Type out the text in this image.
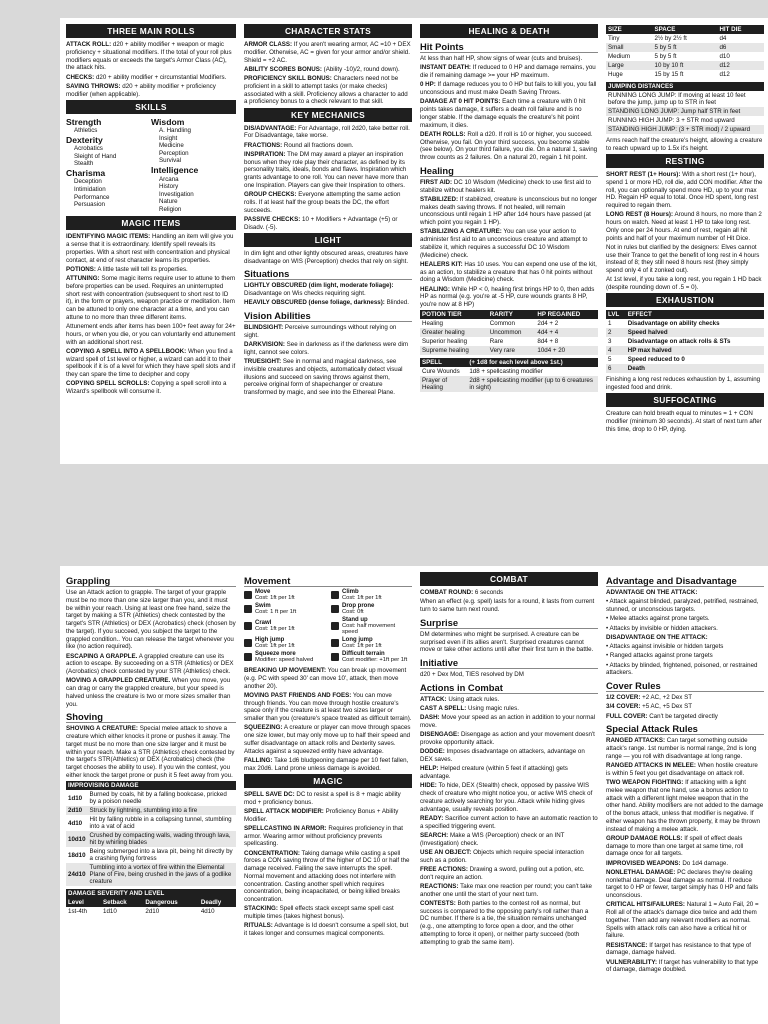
THREE MAIN ROLLS

ATTACK ROLL: d20 + ability modifier + weapon or magic proficiency + situational modifiers. If the total of your roll plus modifiers equals or exceeds the target's Armor Class (AC), the attack hits.

CHECKS: d20 + ability modifier + circumstantial Modifiers.

SAVING THROWS: d20 + ability modifier + proficiency modifier (when applicable).

SKILLS
Strength
Athletics
Dexterity
Acrobatics
Sleight of Hand
Stealth
Charisma
Deception
Intimidation
Performance
Persuasion
Wisdom
A. Handling
Insight
Medicine
Perception
Survival
Intelligence
Arcana
History
Investigation
Nature
Religion
MAGIC ITEMS

IDENTIFYING MAGIC ITEMS: Handling an item will give you a sense that it is extraordinary. Identify spell reveals its properties. With a short rest with concentration and physical contact, at end of rest character learns its properties.

POTIONS: A little taste will tell its properties.

ATTUNING: Some magic items require user to attune to them before properties can be used. Requires an uninterrupted short rest with concentration (subsequent to short rest to ID it), in the form or prayers, weapon practice or meditation. Item can be attuned to only one character at a time, and you can attune to no more than three different items.

Attunement ends after items has been 100+ feet away for 24+ hours, or when you die, or you can voluntarily end attunement with an additional short rest.

COPYING A SPELL INTO A SPELLBOOK: When you find a wizard spell of 1st level or higher, a wizard can add it to their spellbook if it is of a level for which they have spell slots and if they can spare the time to decipher and copy

COPYING SPELL SCROLLS: Copying a spell scroll into a Wizard's spellbook will consume it.

CHARACTER STATS

ARMOR CLASS: If you aren't wearing armor, AC =10 + DEX modifier. Otherwise, AC = given for your armor and/or shield. Shield = +2 AC.

ABILITY SCORES BONUS: (Ability -10)/2, round down).

PROFICIENCY SKILL BONUS: Characters need not be proficient in a skill to attempt tasks (or make checks) associated with a skill. Proficiency allows a character to add a proficiency bonus to a check relevant to that skill.

KEY MECHANICS

DIS/ADVANTAGE: For Advantage, roll 2d20, take better roll. For Disadvantage, take worse.

FRACTIONS: Round all fractions down.

INSPIRATION: The DM may award a player an inspiration bonus when they role play their character, as defined by its personality traits, ideals, bonds and flaws. Inspiration which grants advantage to one roll. You can never have more than one Inspiration. Players can give their Inspiration to others.

GROUP CHECKS: Everyone attempting the same action rolls. If at least half the group beats the DC, the effort succeeds.

PASSIVE CHECKS: 10 + Modifiers + Advantage (+5) or Disadv. (-5).

LIGHT

In dim light and other lightly obscured areas, creatures have disadvantage on WIS (Perception) checks that rely on sight.

Situations

LIGHTLY OBSCURED (dim light, moderate foliage): Disadvantage on Wis checks requiring sight.

HEAVILY OBSCURED (dense foliage, darkness): Blinded.

Vision Abilities

BLINDSIGHT: Perceive surroundings without relying on sight.

DARKVISION: See in darkness as if the darkness were dim light, cannot see colors.

TRUESIGHT: See in normal and magical darkness, see invisible creatures and objects, automatically detect visual illusions and succeed on saving throws against them, perceive original form of shapechanger or creature transformed by magic, and see into the Ethereal Plane.

HEALING & DEATH
Hit Points

At less than half HP, show signs of wear (cuts and bruises).

INSTANT DEATH: If reduced to 0 HP and damage remains, you die if remaining damage >= your HP maximum.

0 HP: If damage reduces you to 0 HP but fails to kill you, you fall unconscious and must make Death Saving Throws.

DAMAGE AT 0 HIT POINTS: Each time a creature with 0 hit points takes damage, it suffers a death roll failure and is no longer stable. If the damage equals the creature's hit point maximum, it dies.

DEATH ROLLS: Roll a d20. If roll is 10 or higher, you succeed. Otherwise, you fail. On your third success, you become stable (see below). On your third failure, you die. On a natural 1, saving throw counts as 2 failures. On a natural 20, regain 1 hit point.

Healing

FIRST AID: DC 10 Wisdom (Medicine) check to use first aid to stabilize without healers kit.

STABILIZED: If stabilized, creature is unconscious but no longer makes death saving throws. If not healed, will remain unconscious until regain 1 HP after 1d4 hours have passed (at which point you regain 1 HP).

STABILIZING A CREATURE: You can use your action to administer first aid to an unconscious creature and attempt to stabilize it, which requires a successful DC 10 Wisdom (Medicine) check.

HEALERS KIT: Has 10 uses. You can expend one use of the kit, as an action, to stabilize a creature that has 0 hit points without doing a Wisdom (Medicine) check.

HEALING: While HP < 0, healing first brings HP to 0, then adds HP as normal (e.g. you're at -5 HP, cure wounds grants 8 HP, you're now at 8 HP)

POTION TIER	RARITY	HP REGAINED
Healing	Common	2d4 + 2
Greater healing	Uncommon	4d4 + 4
Superior healing	Rare	8d4 + 8
Supreme healing	Very rare	10d4 + 20
SPELL	(+ 1d8 for each level above 1st.)
Cure Wounds	1d8 + spellcasting modifier
Prayer of Healing	2d8 + spellcasting modifier (up to 6 creatures in sight)
SIZE	SPACE	HIT DIE
Tiny	2½ by 2½ ft	d4
Small	5 by 5 ft	d6
Medium	5 by 5 ft	d10
Large	10 by 10 ft	d12
Huge	15 by 15 ft	d12
JUMPING DISTANCES
RUNNING LONG JUMP: If moving at least 10 feet before the jump, jump up to STR in feet
STANDING LONG JUMP: Jump half STR in feet
RUNNING HIGH JUMP: 3 + STR mod upward
STANDING HIGH JUMP: (3 + STR mod) / 2 upward

Arms reach half the creature's height, allowing a creature to reach upward up to 1.5x it's height.

RESTING

SHORT REST (1+ Hours): With a short rest (1+ hour), spend 1 or more HD, roll die, add CON modifier. After the roll, you can optionally spend more HD, up to your max HD. Regain HP equal to total. Once HD spent, long rest required to regain them.

LONG REST (8 Hours): Around 8 hours, no more than 2 hours on watch. Need at least 1 HP to take long rest. Only once per 24 hours. At end of rest, regain all hit points and half of your maximum number of Hit Dice.

Not in rules but clarified by the designers: Elves cannot use their Trance to get the benefit of long rest in 4 hours instead of 8; they still need 8 hours rest (they simply spend only 4 of it zonked out).

At 1st level, if you take a long rest, you regain 1 HD back (despite rounding down of .5 = 0).

EXHAUSTION
LVL	EFFECT
1	Disadvantage on ability checks
2	Speed halved
3	Disadvantage on attack rolls & STs
4	HP max halved
5	Speed reduced to 0
6	Death

Finishing a long rest reduces exhaustion by 1, assuming ingested food and drink.

SUFFOCATING

Creature can hold breath equal to minutes = 1 + CON modifier (minimum 30 seconds). At start of next turn after this time, drop to 0 HP, dying.

Grappling

Use an Attack action to grapple. The target of your grapple must be no more than one size larger than you, and it must be within your reach. Using at least one free hand, seize the target by making a STR (Athletics) check contested by the target's STR (Athletics) or DEX (Acrobatics) check (chosen by the target). If you succeed, you subject the target to the grappled condition.. You can release the target whenever you like (no action required).

ESCAPING A GRAPPLE. A grappled creature can use its action to escape. By succeeding on a STR (Athletics) or DEX (Acrobatics) check contested by your STR (Athletics) check.

MOVING A GRAPPLED CREATURE. When you move, you can drag or carry the grappled creature, but your speed is halved unless the creature is two or more sizes smaller than you.

Shoving

SHOVING A CREATURE: Special melee attack to shove a creature which either knocks it prone or pushes it away. The target must be no more than one size larger and it must be within your reach. Make a STR (Athletics) check contested by the target's STR(Athletics) or DEX (Acrobatics) check (the target chooses the ability to use). If you win the contest, you either knock the target prone or push it 5 feet away from you.

IMPROVISING DAMAGE	
1d10	Burned by coals, hit by a falling bookcase, pricked by a poison needle
2d10	Struck by lightning, stumbling into a fire
4d10	Hit by falling rubble in a collapsing tunnel, stumbling into a vat of acid
10d10	Crushed by compacting walls, wading through lava, hit by whirling blades
18d10	Being submerged into a lava pit, being hit directly by a crashing flying fortress
24d10	Tumbling into a vortex of fire within the Elemental Plane of Fire, being crushed in the jaws of a godlike creature
DAMAGE SEVERITY AND LEVEL			
Level	Setback	Dangerous	Deadly
1st-4th	1d10	2d10	4d10
Movement
Move
Cost: 1ft per 1ft
Climb
Cost: 1ft per 1ft
Swim
Cost: 1 ft per 1ft
Drop prone
Cost: 0ft
Crawl
Cost: 1ft per 1ft
Stand up
Cost: half movement speed
High jump
Cost: 1ft per 1ft
Long jump
Cost: 1ft per 1ft
Squeeze more
Modifier: speed halved
Difficult terrain
Cost modifier: +1ft per 1ft

BREAKING UP MOVEMENT: You can break up movement (e.g. PC with speed 30' can move 10', attack, then move another 20).

MOVING PAST FRIENDS AND FOES: You can move through friends. You can move through hostile creature's space only if the creature is at least two sizes larger or smaller than you (creature's space treated as difficult terrain).

SQUEEZING: A creature or player can move through spaces one size lower, but may only move up to half their speed and suffer disadvantage on attack rolls and Dexterity saves. Attacks against a squeezed entity have advantage.

FALLING: Take 1d6 bludgeoning damage per 10 feet fallen, max 20d6. Land prone unless damage is avoided.

MAGIC

SPELL SAVE DC: DC to resist a spell is 8 + magic ability mod + proficiency bonus.

SPELL ATTACK MODIFIER: Proficiency Bonus + Ability Modifier.

SPELLCASTING IN ARMOR: Requires proficiency in that armor. Wearing armor without proficiency prevents spellcasting.

CONCENTRATION: Taking damage while casting a spell forces a CON saving throw of the higher of DC 10 or half the damage received. Failing the save interrupts the spell. Normal movement and attacking does not interfere with concentration. Casting another spell which requires concentration, being incapacitated, or being killed breaks concentration.

STACKING: Spell effects stack except same spell cast multiple times (takes highest bonus).

RITUALS: Advantage is Id doesn't consume a spell slot, but it takes longer and consumes magical components.

COMBAT

COMBAT ROUND: 6 seconds

When an effect (e.g. spell) lasts for a round, it lasts from current turn to same turn next round.

Surprise

DM determines who might be surprised. A creature can be surprised even if its allies aren't. Surprised creatures cannot move or take other actions until after their first turn in the battle.

Initiative

d20 + Dex Mod, TIES resolved by DM

Actions in Combat

ATTACK: Using attack rules.

CAST A SPELL: Using magic rules.

DASH: Move your speed as an action in addition to your normal move.

DISENGAGE: Disengage as action and your movement doesn't provoke opportunity attack.

DODGE: Imposes disadvantage on attackers, advantage on DEX saves.

HELP: Helped creature (within 5 feet if attacking) gets advantage.

HIDE: To hide, DEX (Stealth) check, opposed by passive WIS check of creature who might notice you, or active WIS check of creature actively searching for you. Attack while hiding gives advantage, usually reveals position.

READY: Sacrifice current action to have an automatic reaction to a specified triggering event.

SEARCH: Make a WIS (Perception) check or an INT (Investigation) check.

USE AN OBJECT: Objects which require special interaction such as a potion.

FREE ACTIONS: Drawing a sword, pulling out a potion, etc. don't require an action.

REACTIONS: Take max one reaction per round; you can't take another one until the start of your next turn.

CONTESTS: Both parties to the contest roll as normal, but success is compared to the opposing party's roll rather than a DC number. If there is a tie, the situation remains unchanged (e.g., one attempting to force open a door, and the other attempting to force it open), or neither party succeed (both attempting to grab the same item).

Advantage and Disadvantage

ADVANTAGE ON THE ATTACK:

• Attack against blinded, paralyzed, petrified, restrained, stunned, or unconscious targets.

• Melee attacks against prone targets.

• Attacks by invisible or hidden attackers.

DISADVANTAGE ON THE ATTACK:

• Attacks against invisible or hidden targets

• Ranged attacks against prone targets

• Attacks by blinded, frightened, poisoned, or restrained attackers.

Cover Rules

1/2 COVER: +2 AC, +2 Dex ST

3/4 COVER: +5 AC, +5 Dex ST

FULL COVER: Can't be targeted directly

Special Attack Rules

RANGED ATTACKS: Can target something outside attack's range. 1st number is normal range, 2nd is long range — you roll with disadvantage at long range.

RANGED ATTACKS IN MELEE: When hostile creature is within 5 feet you get disadvantage on attack roll.

TWO WEAPON FIGHTING: If attacking with a light melee weapon that one hand, use a bonus action to attack with a different light melee weapon that in the other hand. Ability modifiers are not added to the damage of the bonus attack, unless that modifier is negative. If either weapon has the thrown property, it may be thrown instead of making a melee attack.

GROUP DAMAGE ROLLS: If spell of effect deals damage to more than one target at same time, roll damage once for all targets.

IMPROVISED WEAPONS: Do 1d4 damage.

NONLETHAL DAMAGE: PC declares they're dealing nonlethal damage. Deal damage as normal. If reduce target to 0 HP or fewer, target simply has 0 HP and falls unconscious.

CRITICAL HITS/FAILURES: Natural 1 = Auto Fail, 20 = Roll all of the attack's damage dice twice and add them together. Then add any relevant modifiers as normal. Spells with attack rolls can also have a critical hit or failure.

RESISTANCE: If target has resistance to that type of damage, damage halved.

VULNERABILITY: If target has vulnerability to that type of damage, damage doubled.
